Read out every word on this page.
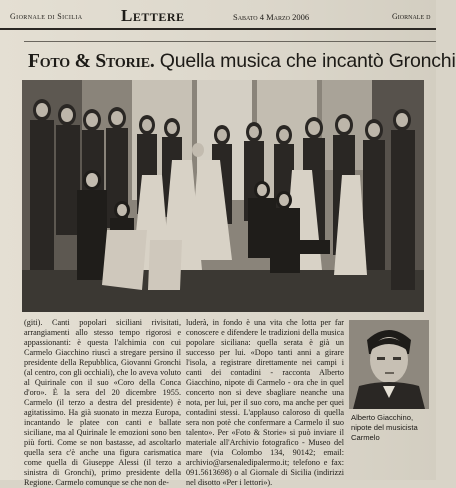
Giornale di Sicilia Lettere	Sabato 4 Marzo 2006	Giornale d
Foto & Storie. Quella musica che incantò Gronchi

(giti). Canti popolari siciliani rivisitati, arrangiamenti allo stesso tempo rigorosi e appassionanti: è questa l'alchimia con cui Carmelo Giacchino riuscì a stregare persino il presidente della Repubblica, Giovanni Gronchi (al centro, con gli occhiali), che lo aveva voluto al Quirinale con il suo «Coro della Conca d'oro». È la sera del 20 dicembre 1955. Carmelo (il terzo a destra del presidente) è agitatissimo. Ha già suonato in mezza Europa, incantando le platee con canti e ballate siciliane, ma al Quirinale le emozioni sono ben più forti. Come se non bastasse, ad ascoltarlo quella sera c'è anche una figura carismatica come quella di Giuseppe Alessi (il terzo a sinistra di Gronchi), primo presidente della Regione. Carmelo comunque se che non de-

luderà, in fondo è una vita che lotta per far conoscere e difendere le tradizioni della musica popolare siciliana: quella serata è già un successo per lui. «Dopo tanti anni a girare l'isola, a registrare direttamente nei campi i canti dei contadini - racconta Alberto Giacchino, nipote di Carmelo - ora che in quel concerto non si deve sbagliare neanche una nota, per lui, per il suo coro, ma anche per quei contadini stessi. L'applauso caloroso di quella sera non potè che confermare a Carmelo il suo talento». Per «Foto & Storie» si può inviare il materiale all'Archivio fotografico - Museo del mare (via Colombo 134, 90142; email: archivio@arsenaledipalermo.it; telefono e fax: 091.5613698) o al Giornale di Sicilia (indirizzi nel disotto «Per i lettori»).

Alberto Giacchino, nipote del musicista Carmelo
